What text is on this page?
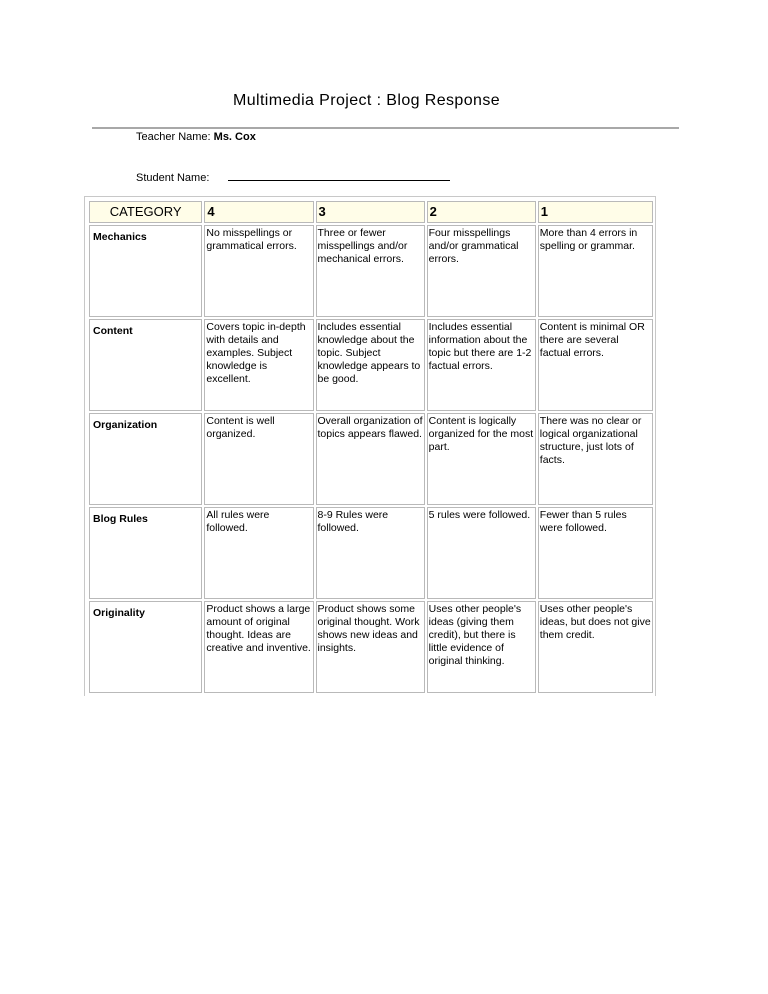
Multimedia Project : Blog Response
Teacher Name: Ms. Cox
Student Name:
CATEGORY	4	3	2	1
Mechanics	No misspellings or grammatical errors.	Three or fewer misspellings and/or mechanical errors.	Four misspellings and/or grammatical errors.	More than 4 errors in spelling or grammar.
Content	Covers topic in-depth with details and examples. Subject knowledge is excellent.	Includes essential knowledge about the topic. Subject knowledge appears to be good.	Includes essential information about the topic but there are 1-2 factual errors.	Content is minimal OR there are several factual errors.
Organization	Content is well organized.	Overall organization of topics appears flawed.	Content is logically organized for the most part.	There was no clear or logical organizational structure, just lots of facts.
Blog Rules	All rules were followed.	8-9 Rules were followed.	5 rules were followed.	Fewer than 5 rules were followed.
Originality	Product shows a large amount of original thought. Ideas are creative and inventive.	Product shows some original thought. Work shows new ideas and insights.	Uses other people's ideas (giving them credit), but there is little evidence of original thinking.	Uses other people's ideas, but does not give them credit.
